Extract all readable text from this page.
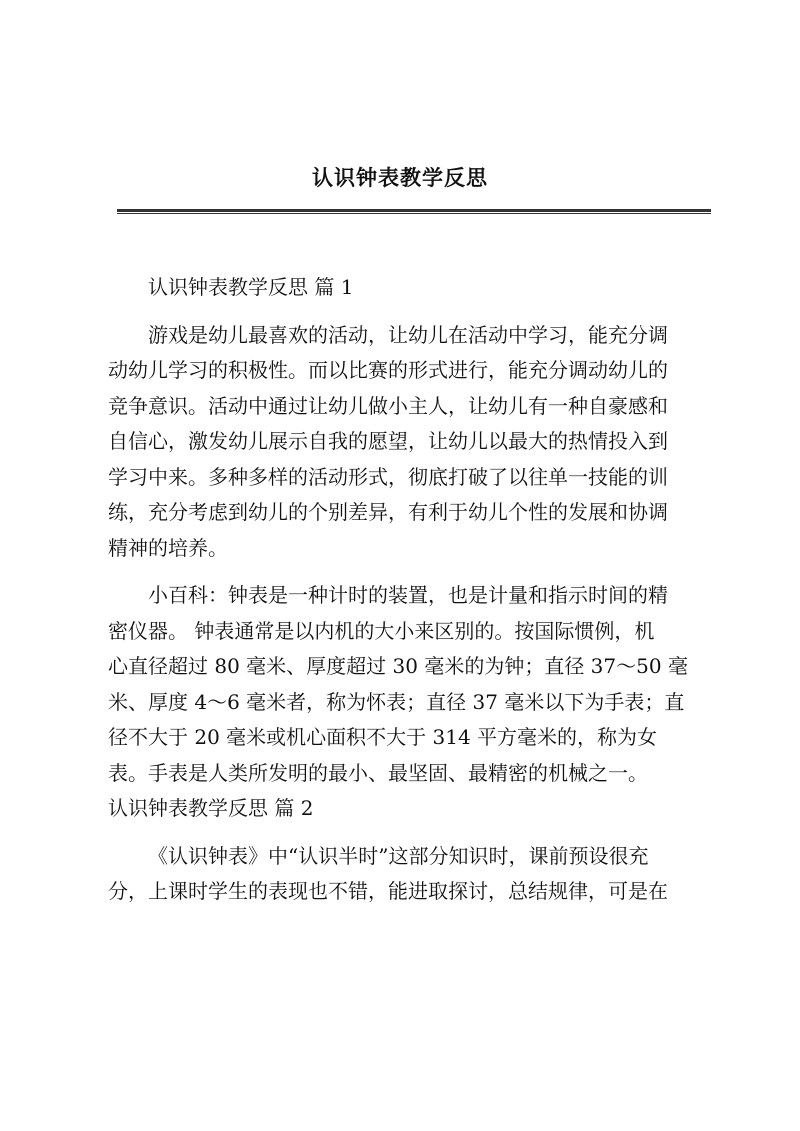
认识钟表教学反思
认识钟表教学反思 篇 1
游戏是幼儿最喜欢的活动，让幼儿在活动中学习，能充分调
动幼儿学习的积极性。而以比赛的形式进行，能充分调动幼儿的
竞争意识。活动中通过让幼儿做小主人，让幼儿有一种自豪感和
自信心，激发幼儿展示自我的愿望，让幼儿以最大的热情投入到
学习中来。多种多样的活动形式，彻底打破了以往单一技能的训
练，充分考虑到幼儿的个别差异，有利于幼儿个性的发展和协调
精神的培养。
小百科：钟表是一种计时的装置，也是计量和指示时间的精
密仪器。 钟表通常是以内机的大小来区别的。按国际惯例，机
心直径超过 80 毫米、厚度超过 30 毫米的为钟；直径 37～50 毫
米、厚度 4～6 毫米者，称为怀表；直径 37 毫米以下为手表；直
径不大于 20 毫米或机心面积不大于 314 平方毫米的，称为女
表。手表是人类所发明的最小、最坚固、最精密的机械之一。
认识钟表教学反思 篇 2
《认识钟表》中“认识半时”这部分知识时，课前预设很充
分，上课时学生的表现也不错，能进取探讨，总结规律，可是在
